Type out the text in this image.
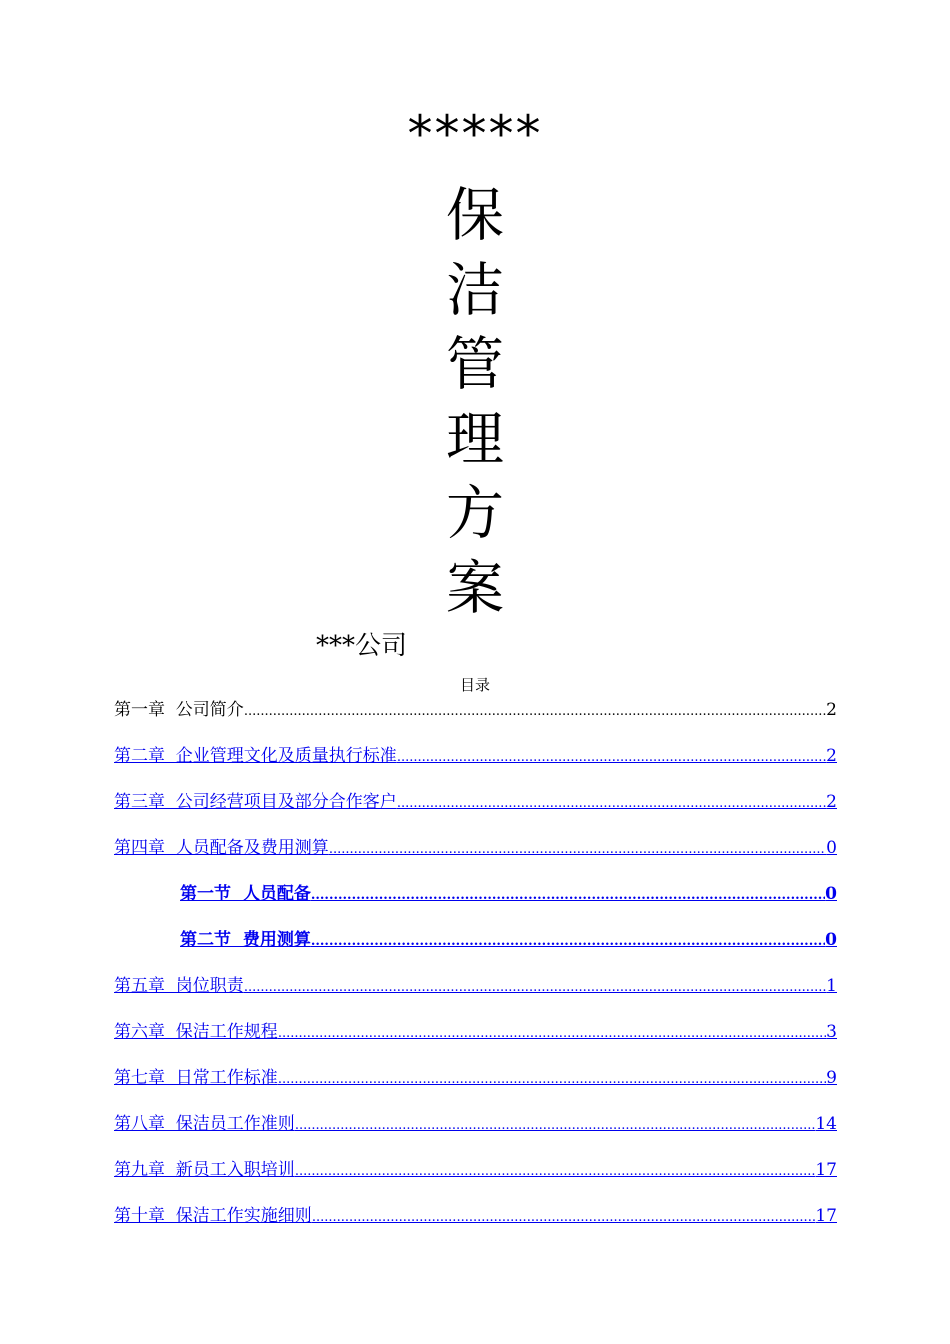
*****
保
洁
管
理
方
案
***公司
目录
第一章  公司简介 .....	2
第二章  企业管理文化及质量执行标准 .....	2
第三章  公司经营项目及部分合作客户 .....	2
第四章  人员配备及费用测算 .....	0
第一节  人员配备 .....	0
第二节  费用测算 .....	0
第五章  岗位职责 .....	1
第六章  保洁工作规程 .....	3
第七章  日常工作标准 .....	9
第八章  保洁员工作准则 .....	14
第九章  新员工入职培训 .....	17
第十章  保洁工作实施细则 .....	17
